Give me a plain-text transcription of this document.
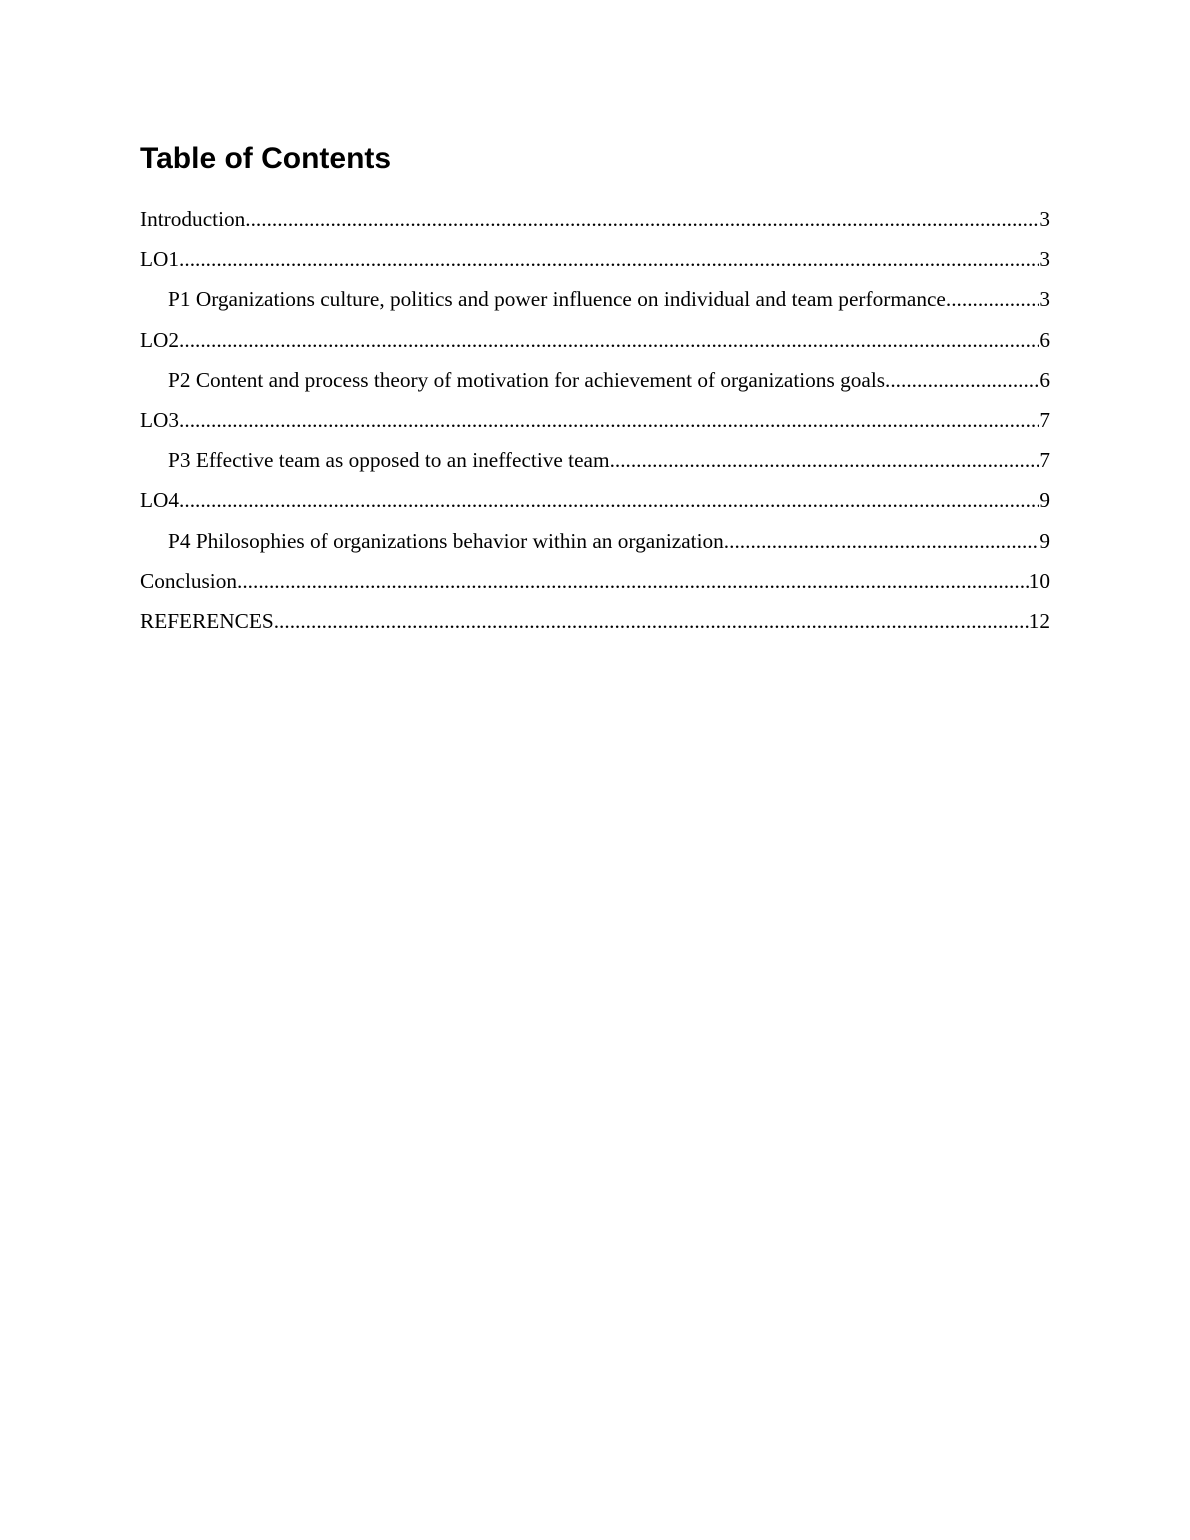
Table of Contents
Introduction .....	3
LO1 .....	3
P1 Organizations culture, politics and power influence on individual and team performance. .....	3
LO2 .....	6
P2 Content and process theory of motivation for achievement of organizations goals. .....	6
LO3 .....	7
P3 Effective team as opposed to an ineffective team .....	7
LO4 .....	9
P4 Philosophies of organizations behavior within an organization. .....	9
Conclusion .....	10
REFERENCES .....	12
